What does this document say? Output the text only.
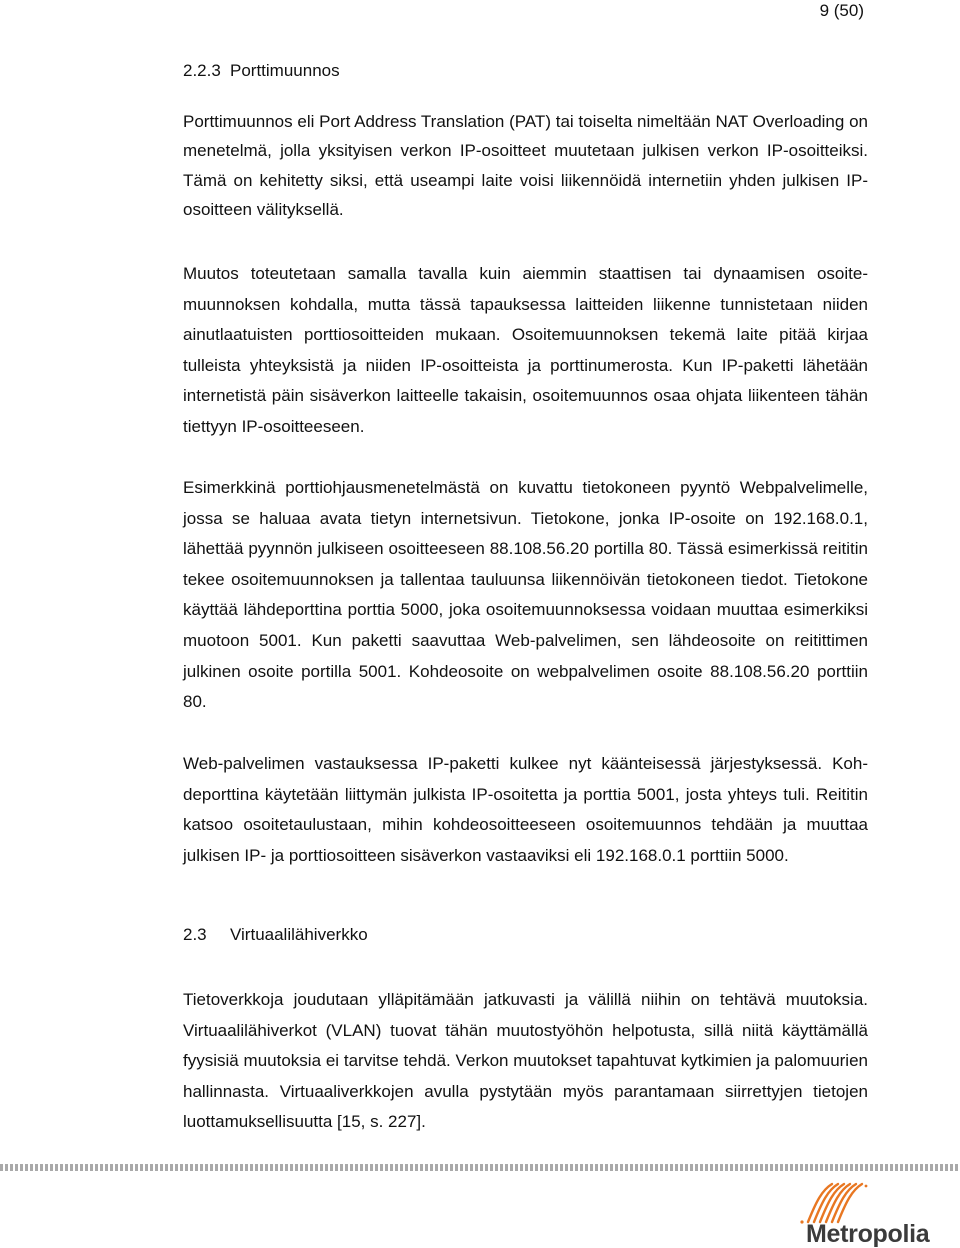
9 (50)
2.2.3 Porttimuunnos

Porttimuunnos eli Port Address Translation (PAT) tai toiselta nimeltään NAT Overloading on menetelmä, jolla yksityisen verkon IP-osoitteet muutetaan julkisen verkon IP-osoitteiksi. Tämä on kehitetty siksi, että useampi laite voisi liikennöidä internetiin yhden julkisen IP-osoitteen välityksellä.

Muutos toteutetaan samalla tavalla kuin aiemmin staattisen tai dynaamisen osoitemuunnoksen kohdalla, mutta tässä tapauksessa laitteiden liikenne tunnistetaan niiden ainutlaatuisten porttiosoitteiden mukaan. Osoitemuunnoksen tekemä laite pitää kirjaa tulleista yhteyksistä ja niiden IP-osoitteista ja porttinumerosta. Kun IP-paketti lähetään internetistä päin sisäverkon laitteelle takaisin, osoitemuunnos osaa ohjata liikenteen tähän tiettyyn IP-osoitteeseen.

Esimerkkinä porttiohjausmenetelmästä on kuvattu tietokoneen pyyntö Webpalvelimelle, jossa se haluaa avata tietyn internetsivun. Tietokone, jonka IP-osoite on 192.168.0.1, lähettää pyynnön julkiseen osoitteeseen 88.108.56.20 portilla 80. Tässä esimerkissä reititin tekee osoitemuunnoksen ja tallentaa tauluunsa liikennöivän tietokoneen tiedot. Tietokone käyttää lähdeporttina porttia 5000, joka osoitemuunnoksessa voidaan muuttaa esimerkiksi muotoon 5001. Kun paketti saavuttaa Web-palvelimen, sen lähdeosoite on reitittimen julkinen osoite portilla 5001. Kohdeosoite on webpalvelimen osoite 88.108.56.20 porttiin 80.

Web-palvelimen vastauksessa IP-paketti kulkee nyt käänteisessä järjestyksessä. Kohdeporttina käytetään liittymän julkista IP-osoitetta ja porttia 5001, josta yhteys tuli. Reititin katsoo osoitetaulustaan, mihin kohdeosoitteeseen osoitemuunnos tehdään ja muuttaa julkisen IP- ja porttiosoitteen sisäverkon vastaaviksi eli 192.168.0.1 porttiin 5000.

2.3 Virtuaalilähiverkko

Tietoverkkoja joudutaan ylläpitämään jatkuvasti ja välillä niihin on tehtävä muutoksia. Virtuaalilähiverkot (VLAN) tuovat tähän muutostyöhön helpotusta, sillä niitä käyttämällä fyysisiä muutoksia ei tarvitse tehdä. Verkon muutokset tapahtuvat kytkimien ja palomuurien hallinnasta. Virtuaaliverkkojen avulla pystytään myös parantamaan siirrettyjen tietojen luottamuksellisuutta [15, s. 227].

Metropolia
